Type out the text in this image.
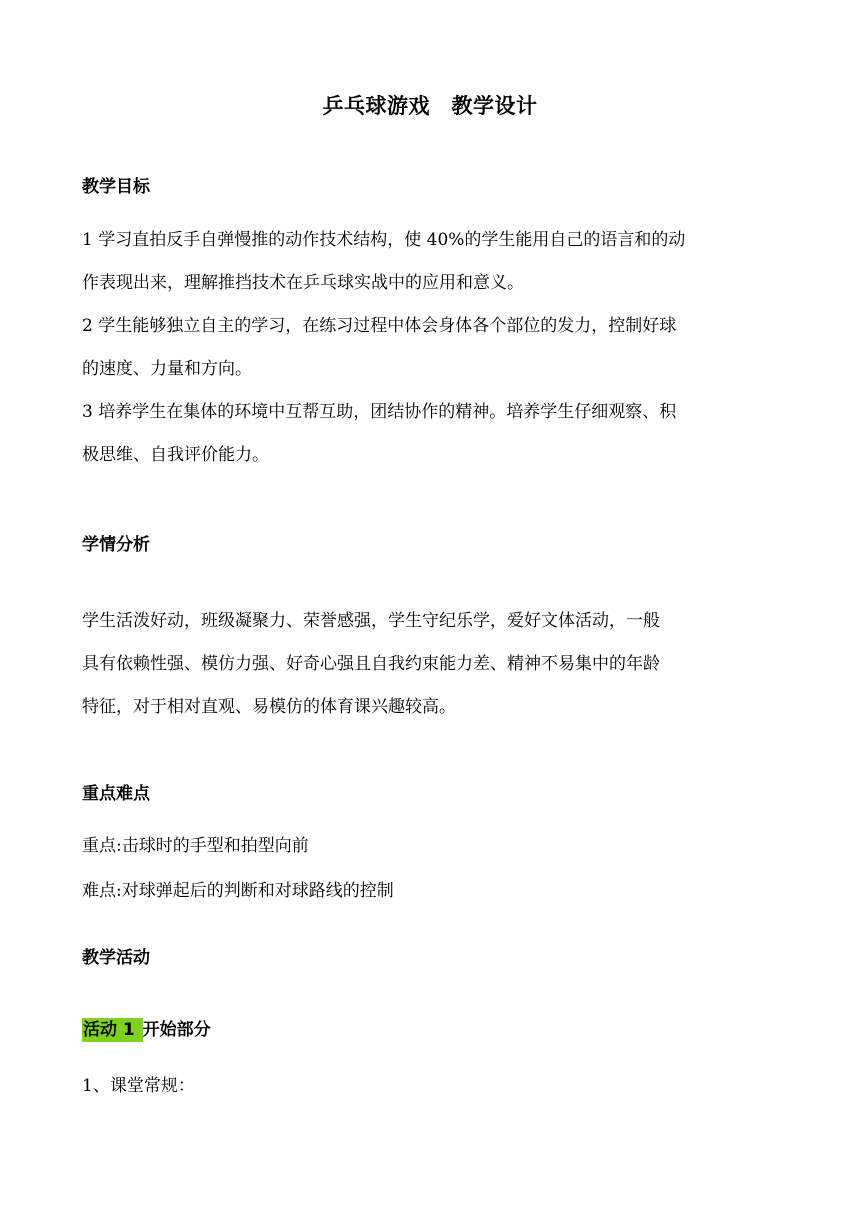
乒乓球游戏　教学设计
教学目标
1 学习直拍反手自弹慢推的动作技术结构，使 40%的学生能用自己的语言和的动
作表现出来，理解推挡技术在乒乓球实战中的应用和意义。
2 学生能够独立自主的学习，在练习过程中体会身体各个部位的发力，控制好球
的速度、力量和方向。
3 培养学生在集体的环境中互帮互助，团结协作的精神。培养学生仔细观察、积
极思维、自我评价能力。
学情分析
学生活泼好动，班级凝聚力、荣誉感强，学生守纪乐学，爱好文体活动，一般
具有依赖性强、模仿力强、好奇心强且自我约束能力差、精神不易集中的年龄
特征，对于相对直观、易模仿的体育课兴趣较高。
重点难点
重点:击球时的手型和拍型向前
难点:对球弹起后的判断和对球路线的控制
教学活动
活动 1 开始部分
1、课堂常规：
